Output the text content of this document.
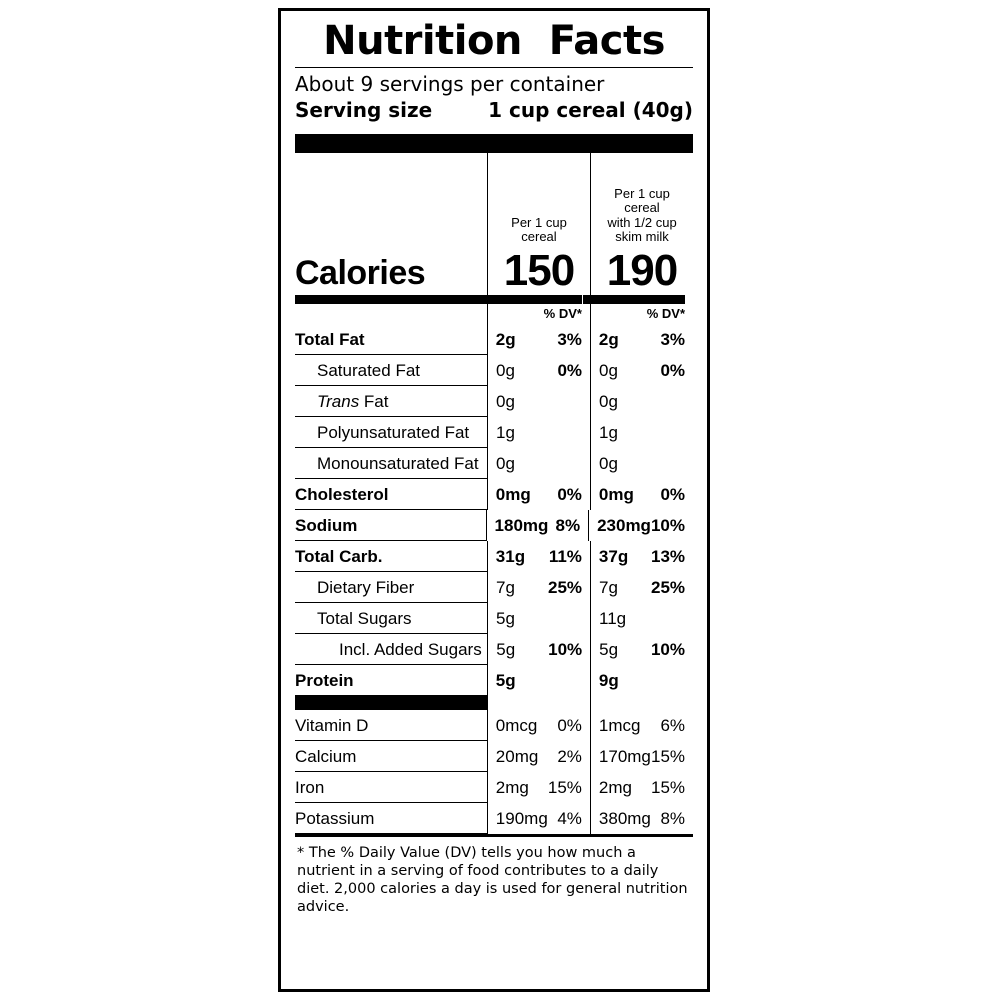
Nutrition  Facts
About 9 servings per container
Serving size	1 cup cereal (40g)
Per 1 cup
cereal
Per 1 cup cereal
with 1/2 cup
skim milk
Calories	150 190
% DV*	% DV*
Total Fat	2g 3% 2g 3%
Saturated Fat	0g	0% 0g	0%
Trans Fat	0g	0g
Polyunsaturated Fat	1g	1g
Monounsaturated Fat	0g	0g
Cholesterol	0mg 0% 0mg 0%
Sodium	180mg 8% 230mg 10%
Total Carb.	31g 11% 37g 13%
Dietary Fiber	7g 25% 7g 25%
Total Sugars	5g	11g
Incl. Added Sugars 5g 10% 5g 10%
Protein	5g	9g
Vitamin D	0mcg 0% 1mcg 6%
Calcium	20mg 2% 170mg 15%
Iron	2mg 15% 2mg 15%
Potassium	190mg 4% 380mg 8%
* The % Daily Value (DV) tells you how much a nutrient in a serving of food contributes to a daily diet. 2,000 calories a day is used for general nutrition advice.
